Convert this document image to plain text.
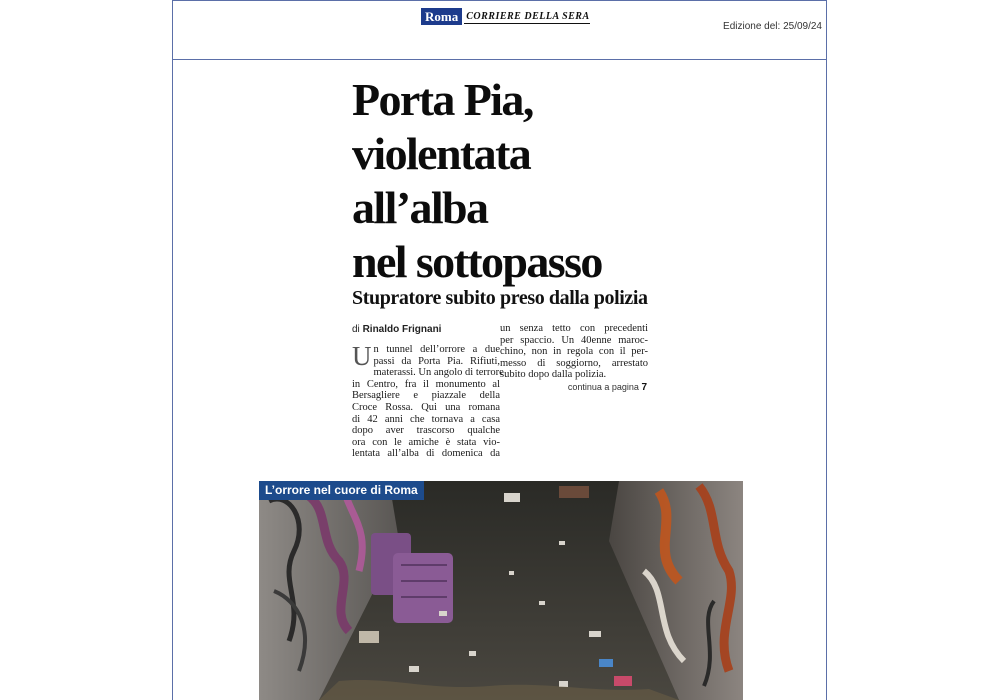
Roma CORRIERE DELLA SERA
Edizione del: 25/09/24
Porta Pia,
violentata
all’alba
nel sottopasso
Stupratore subito preso dalla polizia
di Rinaldo Frignani
U n tunnel dell’orrore a due
passi da Porta Pia. Rifiuti,
materassi. Un angolo di terrore
in Centro, fra il monumento al
Bersagliere e piazzale della
Croce Rossa. Qui una romana
di 42 anni che tornava a casa
dopo aver trascorso qualche
ora con le amiche è stata vio-
lentata all’alba di domenica da
un senza tetto con precedenti
per spaccio. Un 40enne maroc-
chino, non in regola con il per-
messo di soggiorno, arrestato
subito dopo dalla polizia.
continua a pagina 7
L’orrore nel cuore di Roma
